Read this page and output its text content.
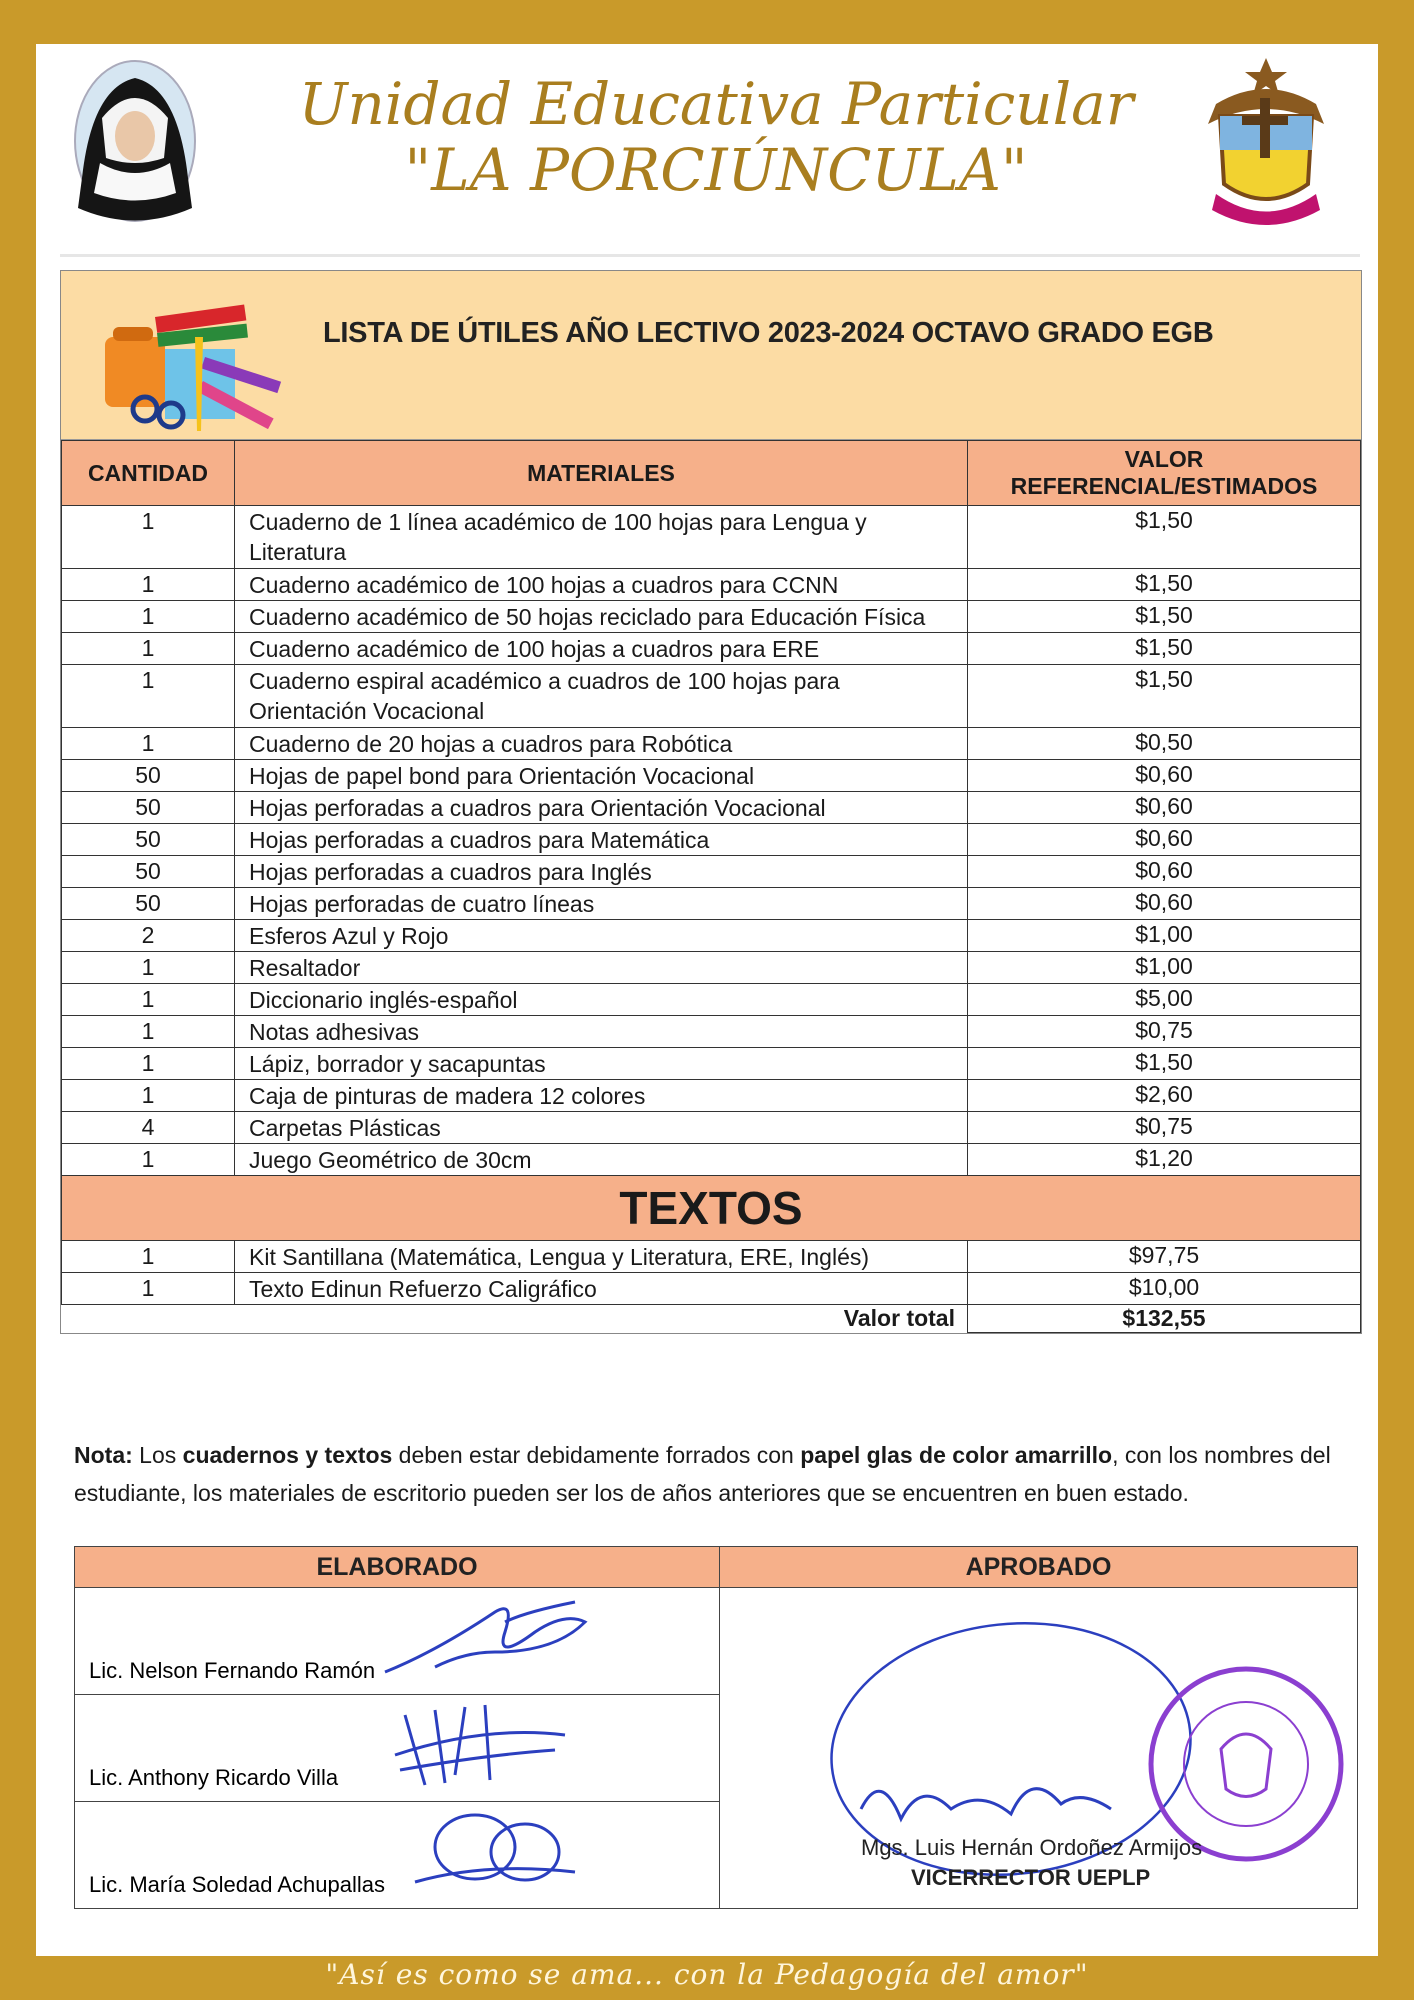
Unidad Educativa Particular
"LA PORCIÚNCULA"
LISTA DE ÚTILES AÑO LECTIVO 2023-2024 OCTAVO GRADO EGB
CANTIDAD	MATERIALES	VALOR
REFERENCIAL/ESTIMADOS

1	Cuaderno de 1 línea académico de 100 hojas para Lengua y
Literatura	$1,50
1	Cuaderno académico de 100 hojas a cuadros para CCNN	$1,50
1	Cuaderno académico de 50 hojas reciclado para Educación Física	$1,50
1	Cuaderno académico de 100 hojas a cuadros para ERE	$1,50
1	Cuaderno espiral académico a cuadros de 100 hojas para
Orientación Vocacional	$1,50
1	Cuaderno de 20 hojas a cuadros para Robótica	$0,50
50	Hojas de papel bond para Orientación Vocacional	$0,60
50	Hojas perforadas a cuadros para Orientación Vocacional	$0,60
50	Hojas perforadas a cuadros para Matemática	$0,60
50	Hojas perforadas a cuadros para Inglés	$0,60
50	Hojas perforadas de cuatro líneas	$0,60
2	Esferos Azul y Rojo	$1,00
1	Resaltador	$1,00
1	Diccionario inglés-español	$5,00
1	Notas adhesivas	$0,75
1	Lápiz, borrador y sacapuntas	$1,50
1	Caja de pinturas de madera 12 colores	$2,60
4	Carpetas Plásticas	$0,75
1	Juego Geométrico de 30cm	$1,20
TEXTOS		
1	Kit Santillana (Matemática, Lengua y Literatura, ERE, Inglés)	$97,75
1	Texto Edinun Refuerzo Caligráfico	$10,00
Valor total		$132,55
Nota: Los cuadernos y textos deben estar debidamente forrados con papel glas de color amarrillo, con los nombres del estudiante, los materiales de escritorio pueden ser los de años anteriores que se encuentren en buen estado.
ELABORADO	APROBADO

Lic. Nelson Fernando Ramón	Mgs. Luis Hernán Ordoñez Armijos
VICERRECTOR UEPLP

Lic. Anthony Ricardo Villa	

Lic. María Soledad Achupallas	
"Así es como se ama... con la Pedagogía del amor"
